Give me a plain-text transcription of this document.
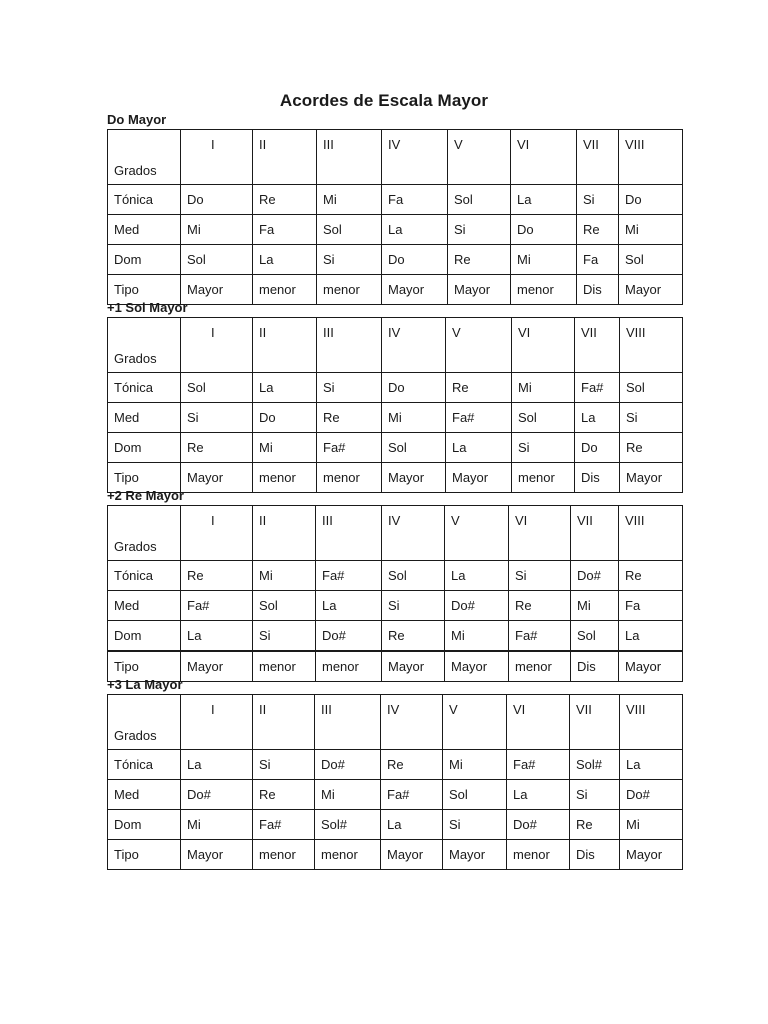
Acordes de Escala Mayor
Do Mayor
Grados	I	II	III	IV	V	VI	VII	VIII
Tónica	Do	Re	Mi	Fa	Sol	La	Si	Do
Med	Mi	Fa	Sol	La	Si	Do	Re	Mi
Dom	Sol	La	Si	Do	Re	Mi	Fa	Sol
Tipo	Mayor	menor	menor	Mayor	Mayor	menor	Dis	Mayor
+1 Sol Mayor
Grados	I	II	III	IV	V	VI	VII	VIII
Tónica	Sol	La	Si	Do	Re	Mi	Fa#	Sol
Med	Si	Do	Re	Mi	Fa#	Sol	La	Si
Dom	Re	Mi	Fa#	Sol	La	Si	Do	Re
Tipo	Mayor	menor	menor	Mayor	Mayor	menor	Dis	Mayor
+2 Re Mayor
Grados	I	II	III	IV	V	VI	VII	VIII
Tónica	Re	Mi	Fa#	Sol	La	Si	Do#	Re
Med	Fa#	Sol	La	Si	Do#	Re	Mi	Fa
Dom	La	Si	Do#	Re	Mi	Fa#	Sol	La
Tipo	Mayor	menor	menor	Mayor	Mayor	menor	Dis	Mayor
+3 La Mayor
Grados	I	II	III	IV	V	VI	VII	VIII
Tónica	La	Si	Do#	Re	Mi	Fa#	Sol#	La
Med	Do#	Re	Mi	Fa#	Sol	La	Si	Do#
Dom	Mi	Fa#	Sol#	La	Si	Do#	Re	Mi
Tipo	Mayor	menor	menor	Mayor	Mayor	menor	Dis	Mayor
